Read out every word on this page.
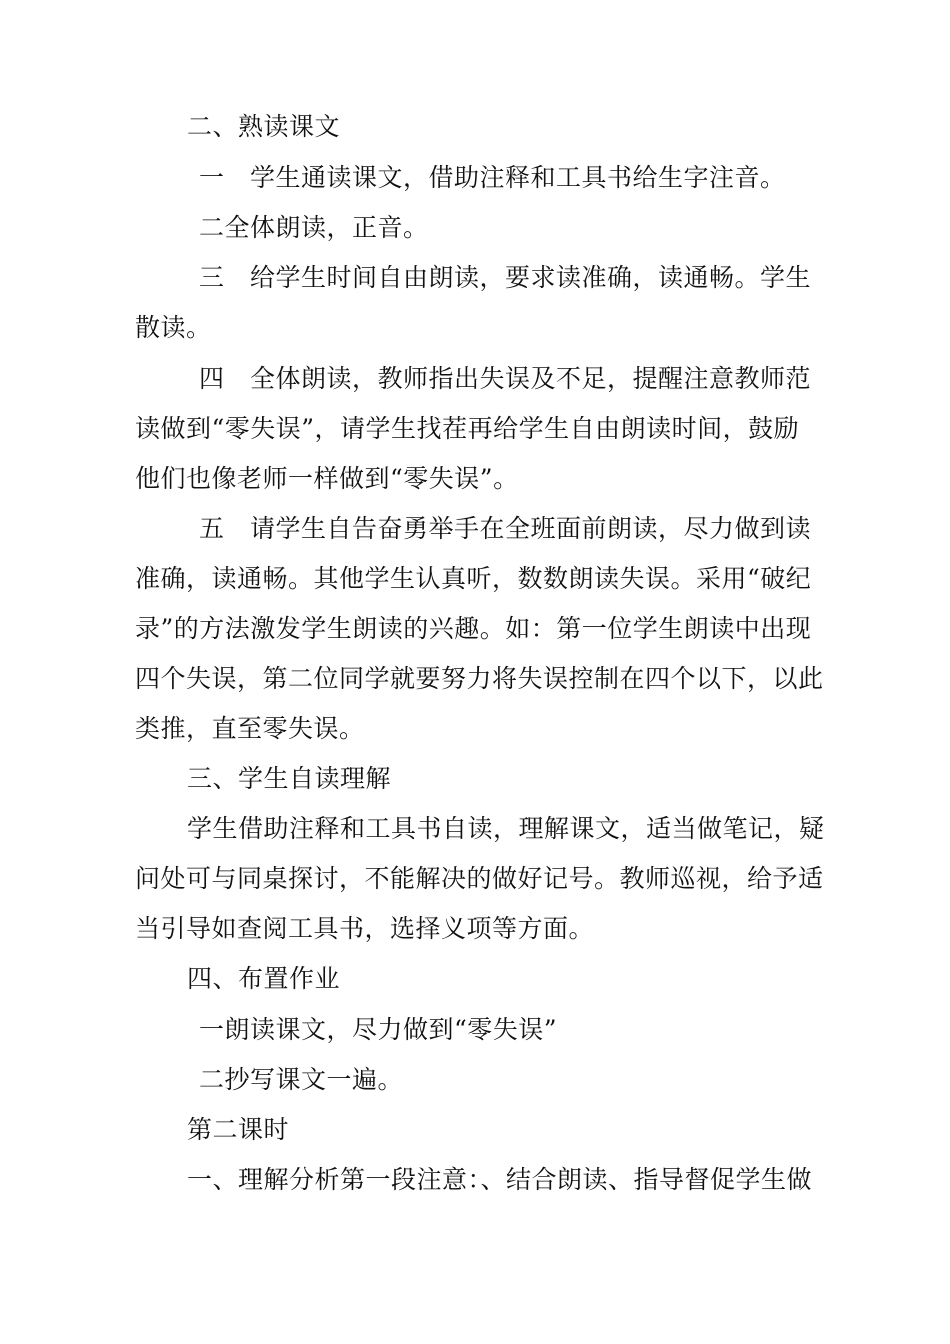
二、熟读课文
一　学生通读课文，借助注释和工具书给生字注音。
二全体朗读，正音。
三　给学生时间自由朗读，要求读准确，读通畅。学生
散读。
四　全体朗读，教师指出失误及不足，提醒注意教师范
读做到“零失误”，请学生找茬再给学生自由朗读时间，鼓励
他们也像老师一样做到“零失误”。
五　请学生自告奋勇举手在全班面前朗读，尽力做到读
准确，读通畅。其他学生认真听，数数朗读失误。采用“破纪
录”的方法激发学生朗读的兴趣。如：第一位学生朗读中出现
四个失误，第二位同学就要努力将失误控制在四个以下，以此
类推，直至零失误。
三、学生自读理解
学生借助注释和工具书自读，理解课文，适当做笔记，疑
问处可与同桌探讨，不能解决的做好记号。教师巡视，给予适
当引导如查阅工具书，选择义项等方面。
四、布置作业
一朗读课文，尽力做到“零失误”
二抄写课文一遍。
第二课时
一、理解分析第一段注意：、结合朗读、指导督促学生做
